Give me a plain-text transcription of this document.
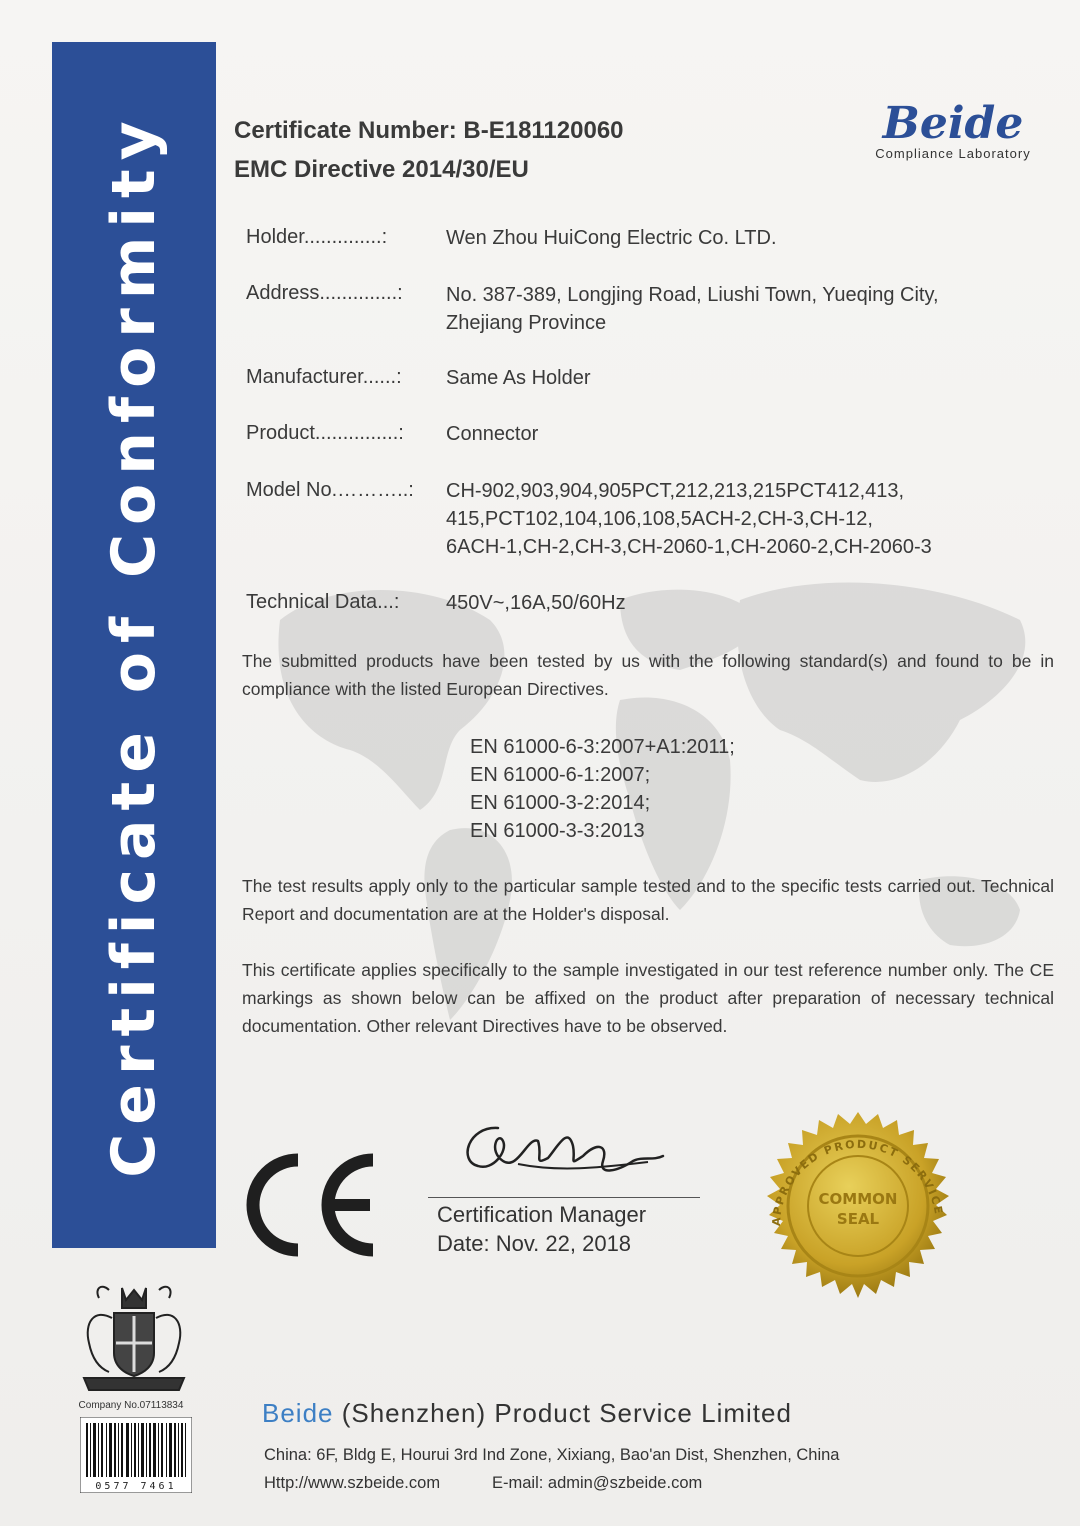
Certificate of Conformity	Certificate Number: B-E181120060
EMC Directive 2014/30/EU
Beide
Compliance Laboratory
Holder..............:	Wen Zhou HuiCong Electric Co. LTD.
Address..............: No. 387-389, Longjing Road, Liushi Town, Yueqing City,
Zhejiang Province
Manufacturer......: Same As Holder
Product...............: Connector
Model No.………..: CH-902,903,904,905PCT,212,213,215PCT412,413,
415,PCT102,104,106,108,5ACH-2,CH-3,CH-12,
6ACH-1,CH-2,CH-3,CH-2060-1,CH-2060-2,CH-2060-3
Technical Data...: 450V~,16A,50/60Hz
The submitted products have been tested by us with the following standard(s) and found to be in compliance with the listed European Directives.
EN 61000-6-3:2007+A1:2011;
EN 61000-6-1:2007;
EN 61000-3-2:2014;
EN 61000-3-3:2013
The test results apply only to the particular sample tested and to the specific tests carried out. Technical Report and documentation are at the Holder's disposal.
This certificate applies specifically to the sample investigated in our test reference number only. The CE markings as shown below can be affixed on the product after preparation of necessary technical documentation. Other relevant Directives have to be observed.
Certification Manager
Date: Nov. 22, 2018
APPROVED PRODUCT SERVICE
COMMON
SEAL
Company No.07113834
0577 7461
Beide (Shenzhen) Product Service Limited
China: 6F, Bldg E, Hourui 3rd Ind Zone, Xixiang, Bao'an Dist, Shenzhen, China
Http://www.szbeide.com	E-mail: admin@szbeide.com
